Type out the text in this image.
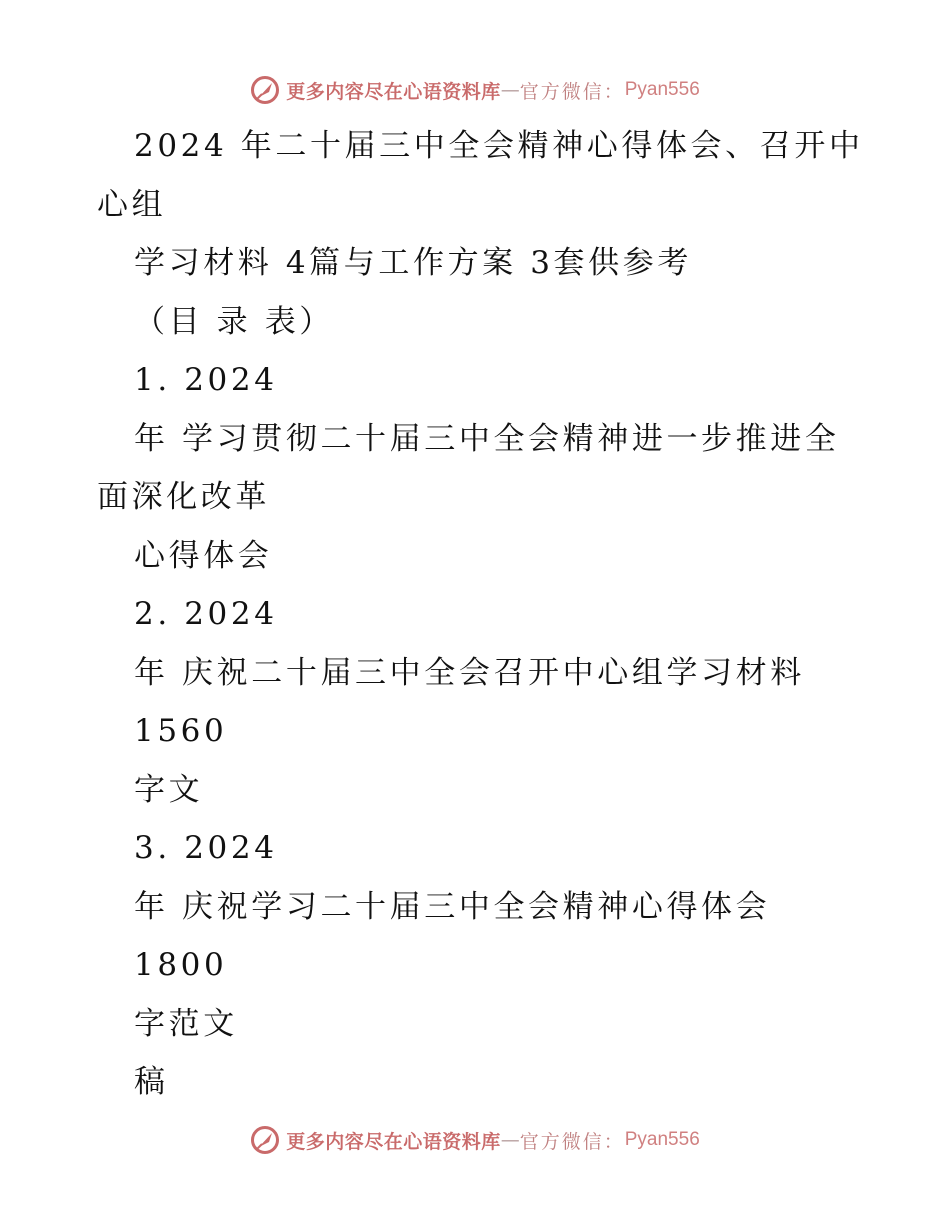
更多内容尽在心语资料库 — 官方微信： Pyan556
2024 年二十届三中全会精神心得体会、召开中
心组
学习材料 4篇与工作方案 3套供参考
（目 录 表）
1. 2024
年 学习贯彻二十届三中全会精神进一步推进全
面深化改革
心得体会
2. 2024
年 庆祝二十届三中全会召开中心组学习材料
1560
字文
3. 2024
年 庆祝学习二十届三中全会精神心得体会
1800
字范文
稿
更多内容尽在心语资料库 — 官方微信： Pyan556
